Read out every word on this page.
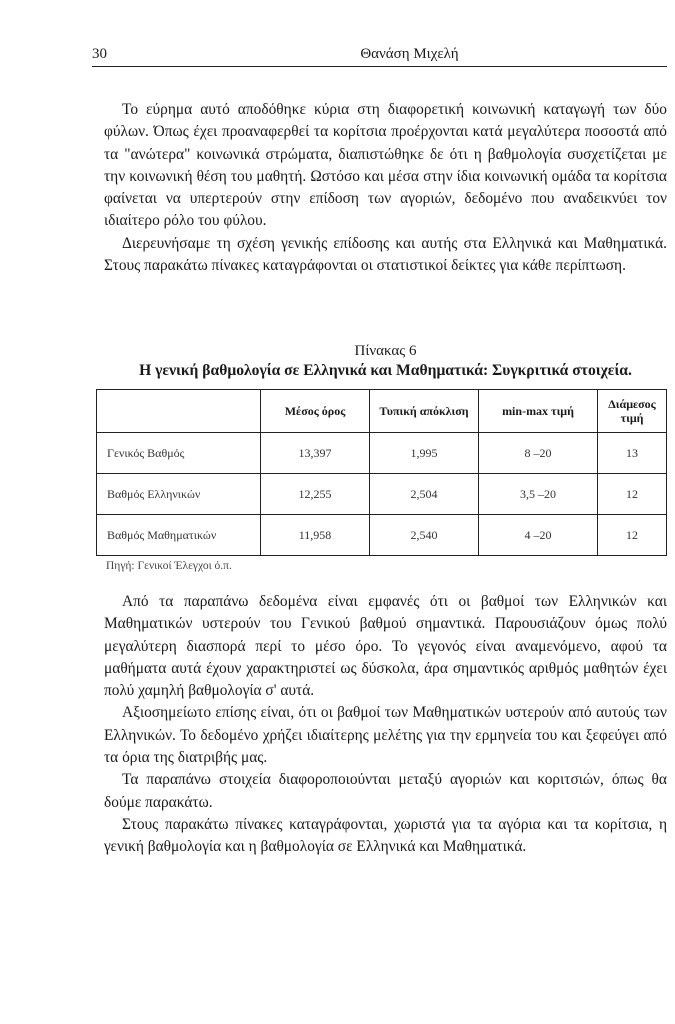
30	Θανάση Μιχελή

Το εύρημα αυτό αποδόθηκε κύρια στη διαφορετική κοινωνική καταγωγή των δύο φύλων. Όπως έχει προαναφερθεί τα κορίτσια προέρχονται κατά μεγαλύτερα ποσοστά από τα "ανώτερα" κοινωνικά στρώματα, διαπιστώθηκε δε ότι η βαθμολογία συσχετίζεται με την κοινωνική θέση του μαθητή. Ωστόσο και μέσα στην ίδια κοινωνική ομάδα τα κορίτσια φαίνεται να υπερτερούν στην επίδοση των αγοριών, δεδομένο που αναδεικνύει τον ιδιαίτερο ρόλο του φύλου.

Διερευνήσαμε τη σχέση γενικής επίδοσης και αυτής στα Ελληνικά και Μαθηματικά. Στους παρακάτω πίνακες καταγράφονται οι στατιστικοί δείκτες για κάθε περίπτωση.

Πίνακας 6
Η γενική βαθμολογία σε Ελληνικά και Μαθηματικά: Συγκριτικά στοιχεία.
	Μέσος όρος	Τυπική απόκλιση	min-max τιμή	Διάμεσος τιμή
Γενικός Βαθμός	13,397	1,995	8 –20	13
Βαθμός Ελληνικών	12,255	2,504	3,5 –20	12
Βαθμός Μαθηματικών	11,958	2,540	4 –20	12
Πηγή: Γενικοί Έλεγχοι ό.π.

Από τα παραπάνω δεδομένα είναι εμφανές ότι οι βαθμοί των Ελληνικών και Μαθηματικών υστερούν του Γενικού βαθμού σημαντικά. Παρουσιάζουν όμως πολύ μεγαλύτερη διασπορά περί το μέσο όρο. Το γεγονός είναι αναμενόμενο, αφού τα μαθήματα αυτά έχουν χαρακτηριστεί ως δύσκολα, άρα σημαντικός αριθμός μαθητών έχει πολύ χαμηλή βαθμολογία σ' αυτά.

Αξιοσημείωτο επίσης είναι, ότι οι βαθμοί των Μαθηματικών υστερούν από αυτούς των Ελληνικών. Το δεδομένο χρήζει ιδιαίτερης μελέτης για την ερμηνεία του και ξεφεύγει από τα όρια της διατριβής μας.

Τα παραπάνω στοιχεία διαφοροποιούνται μεταξύ αγοριών και κοριτσιών, όπως θα δούμε παρακάτω.

Στους παρακάτω πίνακες καταγράφονται, χωριστά για τα αγόρια και τα κορίτσια, η γενική βαθμολογία και η βαθμολογία σε Ελληνικά και Μαθηματικά.
